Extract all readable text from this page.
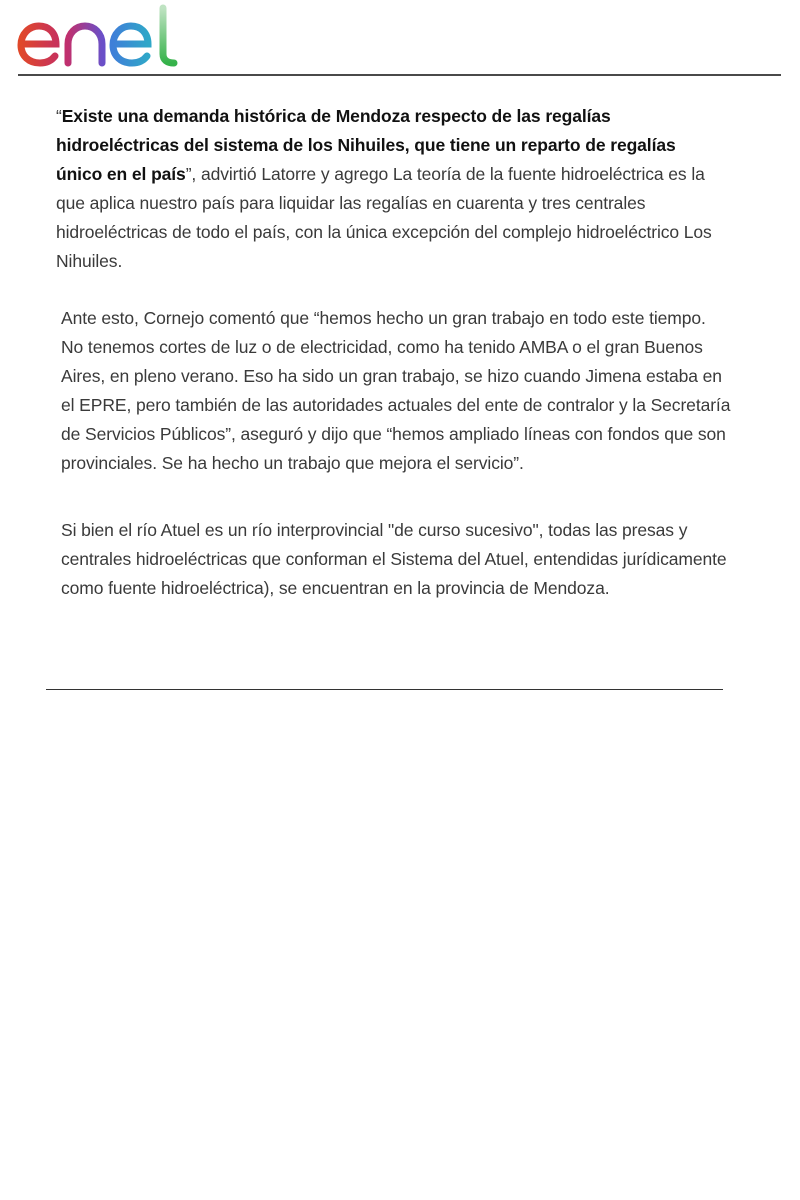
“Existe una demanda histórica de Mendoza respecto de las regalías hidroeléctricas del sistema de los Nihuiles, que tiene un reparto de regalías único en el país”, advirtió Latorre y agrego La teoría de la fuente hidroeléctrica es la que aplica nuestro país para liquidar las regalías en cuarenta y tres centrales hidroeléctricas de todo el país, con la única excepción del complejo hidroeléctrico Los Nihuiles.

Ante esto, Cornejo comentó que “hemos hecho un gran trabajo en todo este tiempo. No tenemos cortes de luz o de electricidad, como ha tenido AMBA o el gran Buenos Aires, en pleno verano. Eso ha sido un gran trabajo, se hizo cuando Jimena estaba en el EPRE, pero también de las autoridades actuales del ente de contralor y la Secretaría de Servicios Públicos”, aseguró y dijo que “hemos ampliado líneas con fondos que son provinciales. Se ha hecho un trabajo que mejora el servicio”.

Si bien el río Atuel es un río interprovincial "de curso sucesivo", todas las presas y centrales hidroeléctricas que conforman el Sistema del Atuel, entendidas jurídicamente como fuente hidroeléctrica), se encuentran en la provincia de Mendoza.
